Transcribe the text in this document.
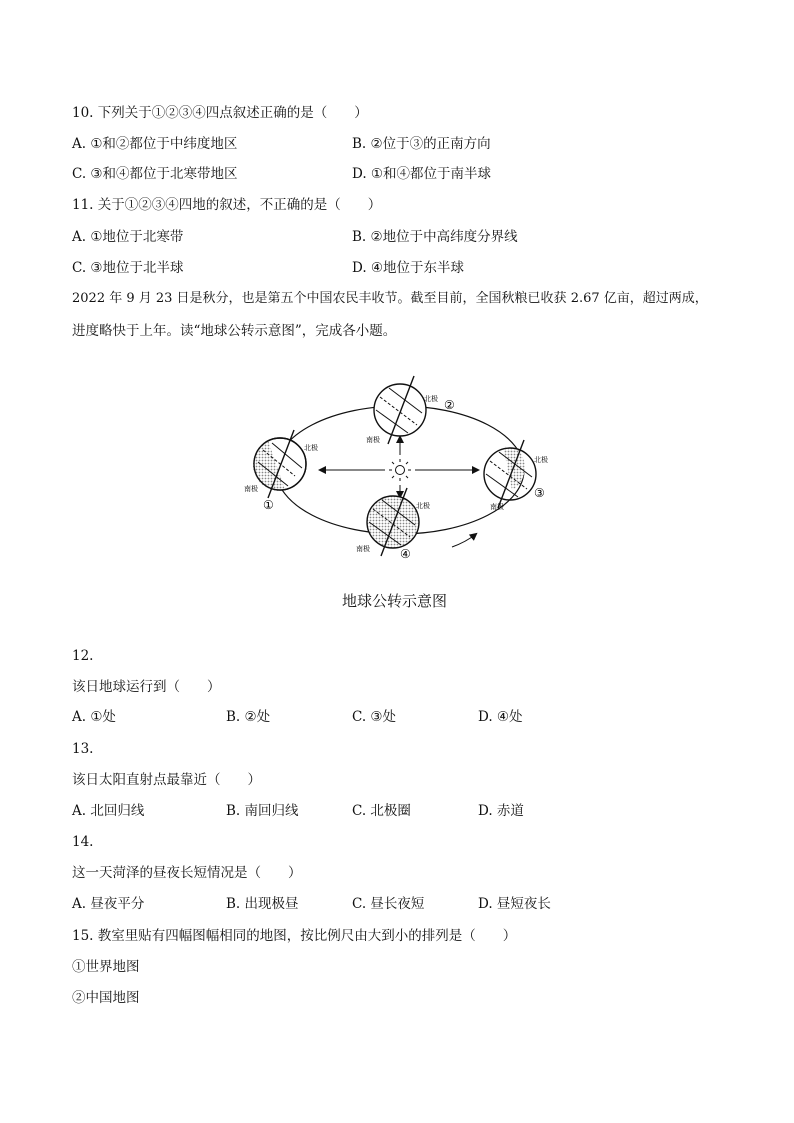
10. 下列关于①②③④四点叙述正确的是（　　）
A. ①和②都位于中纬度地区	B. ②位于③的正南方向
C. ③和④都位于北寒带地区	D. ①和④都位于南半球
11. 关于①②③④四地的叙述，不正确的是（　　）
A. ①地位于北寒带	B. ②地位于中高纬度分界线
C. ③地位于北半球	D. ④地位于东半球
2022 年 9 月 23 日是秋分，也是第五个中国农民丰收节。截至目前，全国秋粮已收获 2.67 亿亩，超过两成，
进度略快于上年。读“地球公转示意图”，完成各小题。
北极
南极
北极
南极
北极
南极
北极
南极
①
②
③
④
地球公转示意图
12.
该日地球运行到（　　）
A. ①处	B. ②处	C. ③处	D. ④处
13.
该日太阳直射点最靠近（　　）
A. 北回归线	B. 南回归线	C. 北极圈	D. 赤道
14.
这一天菏泽的昼夜长短情况是（　　）
A. 昼夜平分	B. 出现极昼	C. 昼长夜短	D. 昼短夜长
15. 教室里贴有四幅图幅相同的地图，按比例尺由大到小的排列是（　　）
①世界地图
②中国地图
